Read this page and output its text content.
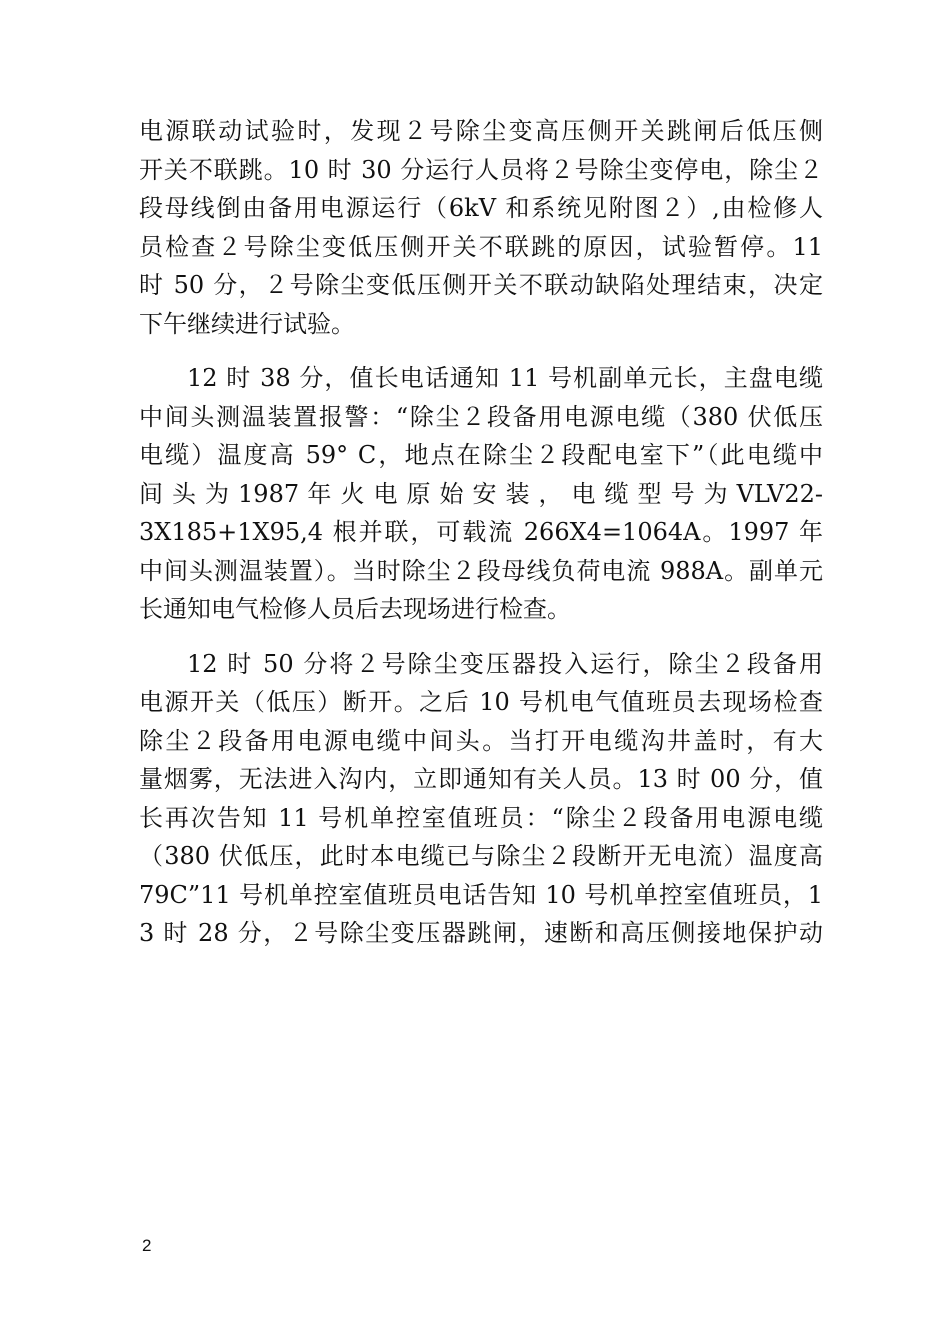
电源联动试验时，发现２号除尘变高压侧开关跳闸后低压侧
开关不联跳。10 时 30 分运行人员将２号除尘变停电，除尘２
段母线倒由备用电源运行（6kV 和系统见附图２）,由检修人
员检查２号除尘变低压侧开关不联跳的原因，试验暂停。11
时 50 分，２号除尘变低压侧开关不联动缺陷处理结束，决定
下午继续进行试验。
12 时 38 分，值长电话通知 11 号机副单元长，主盘电缆
中间头测温装置报警：“除尘２段备用电源电缆（380 伏低压
电缆）温度高 59° C，地点在除尘２段配电室下”（此电缆中
间 头 为 1987 年 火 电 原 始 安 装 ， 电 缆 型 号 为 VLV22-
3X185+1X95,4 根并联，可载流 266X4=1064A。1997 年
中间头测温装置）。当时除尘２段母线负荷电流 988A。副单元
长通知电气检修人员后去现场进行检查。
12 时 50 分将２号除尘变压器投入运行，除尘２段备用
电源开关（低压）断开。之后 10 号机电气值班员去现场检查
除尘２段备用电源电缆中间头。当打开电缆沟井盖时，有大
量烟雾，无法进入沟内，立即通知有关人员。13 时 00 分，值
长再次告知 11 号机单控室值班员：“除尘２段备用电源电缆
（380 伏低压，此时本电缆已与除尘２段断开无电流）温度高
79C”11 号机单控室值班员电话告知 10 号机单控室值班员，1
3 时 28 分，２号除尘变压器跳闸，速断和高压侧接地保护动
2
